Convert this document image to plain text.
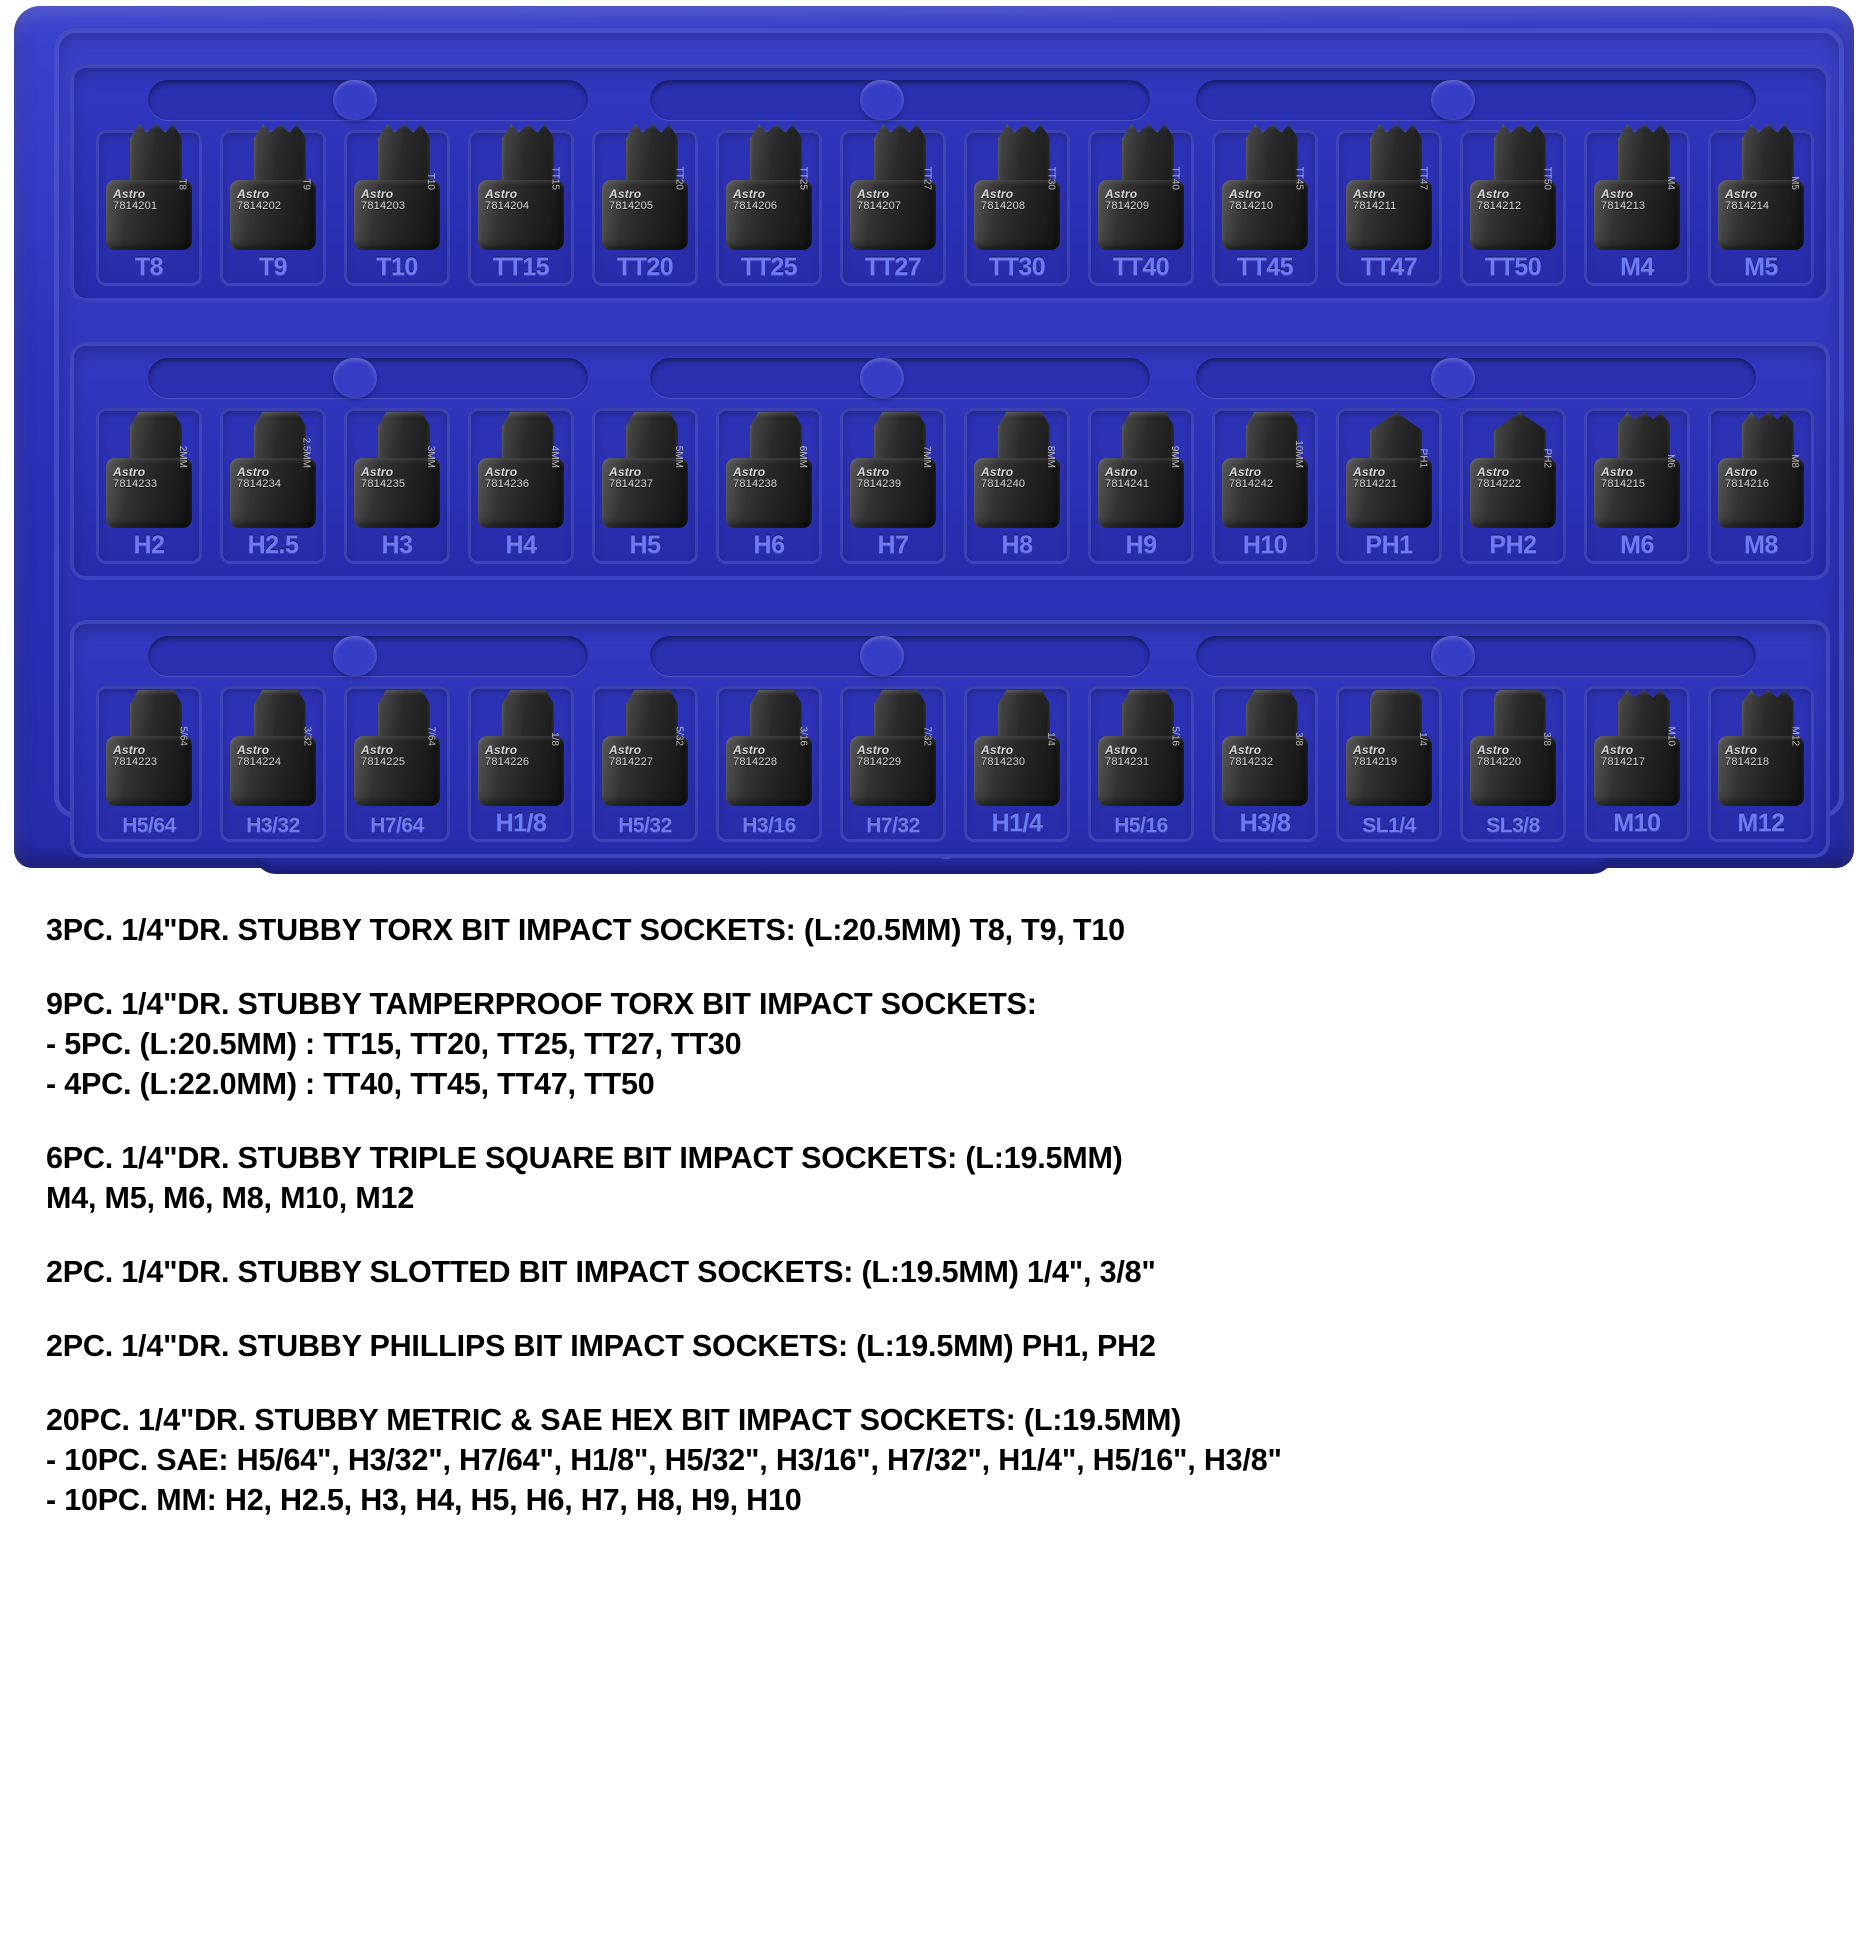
Astro
7814201
T8
T8
Astro
7814202
T9
T9
Astro
7814203
T10
T10
Astro
7814204
TT15
TT15
Astro
7814205
TT20
TT20
Astro
7814206
TT25
TT25
Astro
7814207
TT27
TT27
Astro
7814208
TT30
TT30
Astro
7814209
TT40
TT40
Astro
7814210
TT45
TT45
Astro
7814211
TT47
TT47
Astro
7814212
TT50
TT50
Astro
7814213
M4
M4
Astro
7814214
M5
M5
Astro
7814233
2MM
H2
Astro
7814234
2.5MM
H2.5
Astro
7814235
3MM
H3
Astro
7814236
4MM
H4
Astro
7814237
5MM
H5
Astro
7814238
6MM
H6
Astro
7814239
7MM
H7
Astro
7814240
8MM
H8
Astro
7814241
9MM
H9
Astro
7814242
10MM
H10
Astro
7814221
PH1
PH1
Astro
7814222
PH2
PH2
Astro
7814215
M6
M6
Astro
7814216
M8
M8
Astro
7814223
5/64
H5/64
Astro
7814224
3/32
H3/32
Astro
7814225
7/64
H7/64
Astro
7814226
1/8
H1/8
Astro
7814227
5/32
H5/32
Astro
7814228
3/16
H3/16
Astro
7814229
7/32
H7/32
Astro
7814230
1/4
H1/4
Astro
7814231
5/16
H5/16
Astro
7814232
3/8
H3/8
Astro
7814219
1/4
SL1/4
Astro
7814220
3/8
SL3/8
Astro
7814217
M10
M10
Astro
7814218
M12
M12
3PC. 1/4"DR. STUBBY TORX BIT IMPACT SOCKETS: (L:20.5MM) T8, T9, T10
9PC. 1/4"DR. STUBBY TAMPERPROOF TORX BIT IMPACT SOCKETS:
- 5PC. (L:20.5MM) : TT15, TT20, TT25, TT27, TT30
- 4PC. (L:22.0MM) : TT40, TT45, TT47, TT50
6PC. 1/4"DR. STUBBY TRIPLE SQUARE BIT IMPACT SOCKETS: (L:19.5MM)
M4, M5, M6, M8, M10, M12
2PC. 1/4"DR. STUBBY SLOTTED BIT IMPACT SOCKETS: (L:19.5MM) 1/4", 3/8"
2PC. 1/4"DR. STUBBY PHILLIPS BIT IMPACT SOCKETS: (L:19.5MM) PH1, PH2
20PC. 1/4"DR. STUBBY METRIC & SAE HEX BIT IMPACT SOCKETS: (L:19.5MM)
- 10PC. SAE: H5/64", H3/32", H7/64", H1/8", H5/32", H3/16", H7/32", H1/4", H5/16", H3/8"
- 10PC. MM: H2, H2.5, H3, H4, H5, H6, H7, H8, H9, H10
